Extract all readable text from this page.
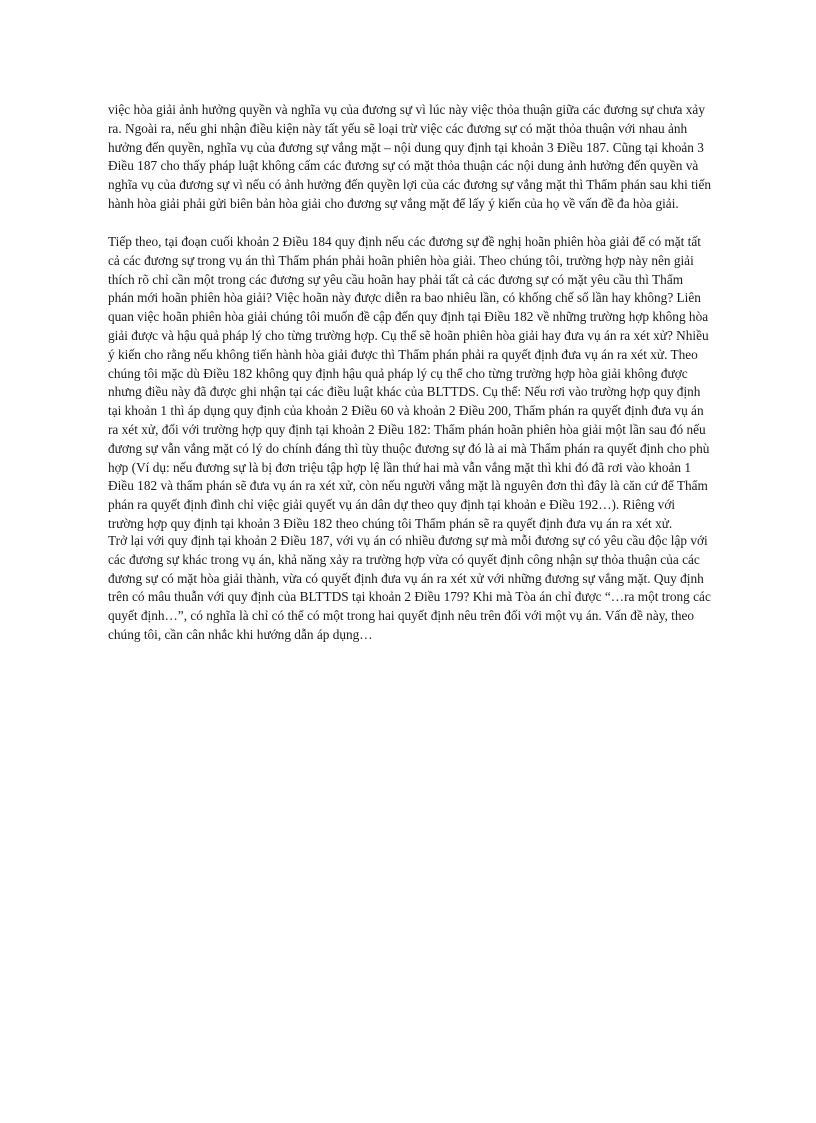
việc hòa giải ảnh hưởng quyền và nghĩa vụ của đương sự vì lúc này việc thỏa thuận giữa các đương sự chưa xảy ra. Ngoài ra, nếu ghi nhận điều kiện này tất yếu sẽ loại trừ việc các đương sự có mặt thỏa thuận với nhau ảnh hưởng đến quyền, nghĩa vụ của đương sự vắng mặt – nội dung quy định tại khoản 3 Điều 187. Cũng tại khoản 3 Điều 187 cho thấy pháp luật không cấm các đương sự có mặt thỏa thuận các nội dung ảnh hưởng đến quyền và nghĩa vụ của đương sự vì nếu có ảnh hưởng đến quyền lợi của các đương sự vắng mặt thì Thẩm phán sau khi tiến hành hòa giải phải gửi biên bản hòa giải cho đương sự vắng mặt để lấy ý kiến của họ về vấn đề đa hòa giải.

Tiếp theo, tại đoạn cuối khoản 2 Điều 184 quy định nếu các đương sự đề nghị hoãn phiên hòa giải để có mặt tất cả các đương sự trong vụ án thì Thẩm phán phải hoãn phiên hòa giải. Theo chúng tôi, trường hợp này nên giải thích rõ chỉ cần một trong các đương sự yêu cầu hoãn hay phải tất cả các đương sự có mặt yêu cầu thì Thẩm phán mới hoãn phiên hòa giải? Việc hoãn này được diễn ra bao nhiêu lần, có khống chế số lần hay không? Liên quan việc hoãn phiên hòa giải chúng tôi muốn đề cập đến quy định tại Điều 182 về những trường hợp không hòa giải được và hậu quả pháp lý cho từng trường hợp. Cụ thể sẽ hoãn phiên hòa giải hay đưa vụ án ra xét xử? Nhiều ý kiến cho rằng nếu không tiến hành hòa giải được thì Thẩm phán phải ra quyết định đưa vụ án ra xét xử. Theo chúng tôi mặc dù Điều 182 không quy định hậu quả pháp lý cụ thể cho từng trường hợp hòa giải không được nhưng điều này đã được ghi nhận tại các điều luật khác của BLTTDS. Cụ thể: Nếu rơi vào trường hợp quy định tại khoản 1 thì áp dụng quy định của khoản 2 Điều 60 và khoản 2 Điều 200, Thẩm phán ra quyết định đưa vụ án ra xét xử, đối với trường hợp quy định tại khoản 2 Điều 182: Thẩm phán hoãn phiên hòa giải một lần sau đó nếu đương sự vẫn vắng mặt có lý do chính đáng thì tùy thuộc đương sự đó là ai mà Thẩm phán ra quyết định cho phù hợp (Ví dụ: nếu đương sự là bị đơn triệu tập hợp lệ lần thứ hai mà vẫn vắng mặt thì khi đó đã rơi vào khoản 1 Điều 182 và thẩm phán sẽ đưa vụ án ra xét xử, còn nếu người vắng mặt là nguyên đơn thì đây là căn cứ để Thẩm phán ra quyết định đình chỉ việc giải quyết vụ án dân dự theo quy định tại khoản e Điều 192…). Riêng với trường hợp quy định tại khoản 3 Điều 182 theo chúng tôi Thẩm phán sẽ ra quyết định đưa vụ án ra xét xử.

Trở lại với quy định tại khoản 2 Điều 187, với vụ án có nhiều đương sự mà mỗi đương sự có yêu cầu độc lập với các đương sự khác trong vụ án, khả năng xảy ra trường hợp vừa có quyết định công nhận sự thỏa thuận của các đương sự có mặt hòa giải thành, vừa có quyết định đưa vụ án ra xét xử với những đương sự vắng mặt. Quy định trên có mâu thuẫn với quy định của BLTTDS tại khoản 2 Điều 179? Khi mà Tòa án chỉ được “…ra một trong các quyết định…”, có nghĩa là chỉ có thể có một trong hai quyết định nêu trên đối với một vụ án. Vấn đề này, theo chúng tôi, cần cân nhắc khi hướng dẫn áp dụng…
